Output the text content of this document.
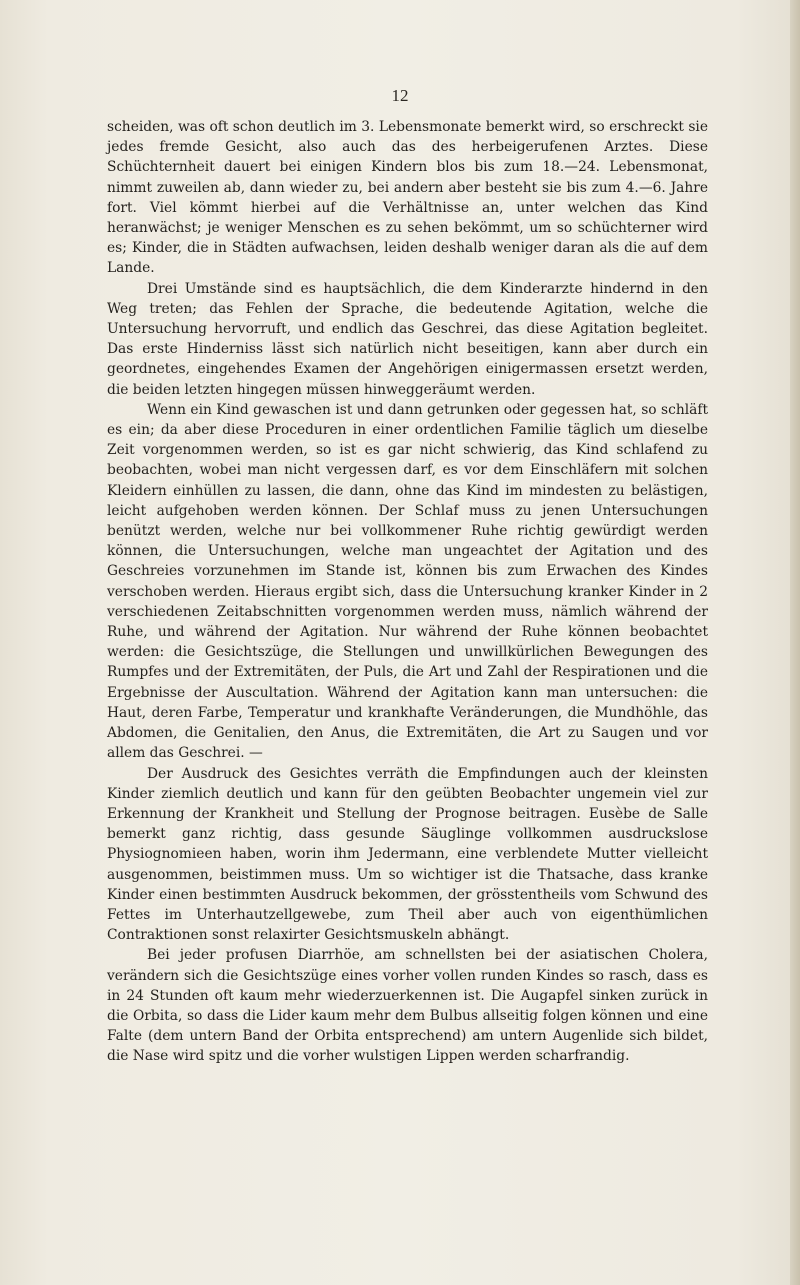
12

scheiden, was oft schon deutlich im 3. Lebensmonate bemerkt wird, so erschreckt sie jedes fremde Gesicht, also auch das des herbeigerufenen Arztes. Diese Schüchternheit dauert bei einigen Kindern blos bis zum 18.—24. Lebensmonat, nimmt zuweilen ab, dann wieder zu, bei andern aber besteht sie bis zum 4.—6. Jahre fort. Viel kömmt hierbei auf die Verhältnisse an, unter welchen das Kind heranwächst; je weniger Menschen es zu sehen bekömmt, um so schüchterner wird es; Kinder, die in Städten aufwachsen, leiden deshalb weniger daran als die auf dem Lande.

Drei Umstände sind es hauptsächlich, die dem Kinderarzte hindernd in den Weg treten; das Fehlen der Sprache, die bedeutende Agitation, welche die Untersuchung hervorruft, und endlich das Geschrei, das diese Agitation begleitet. Das erste Hinderniss lässt sich natürlich nicht beseitigen, kann aber durch ein geordnetes, eingehendes Examen der Angehörigen einigermassen ersetzt werden, die beiden letzten hingegen müssen hinweggeräumt werden.

Wenn ein Kind gewaschen ist und dann getrunken oder gegessen hat, so schläft es ein; da aber diese Proceduren in einer ordentlichen Familie täglich um dieselbe Zeit vorgenommen werden, so ist es gar nicht schwierig, das Kind schlafend zu beobachten, wobei man nicht vergessen darf, es vor dem Einschläfern mit solchen Kleidern einhüllen zu lassen, die dann, ohne das Kind im mindesten zu belästigen, leicht aufgehoben werden können. Der Schlaf muss zu jenen Untersuchungen benützt werden, welche nur bei vollkommener Ruhe richtig gewürdigt werden können, die Untersuchungen, welche man ungeachtet der Agitation und des Geschreies vorzunehmen im Stande ist, können bis zum Erwachen des Kindes verschoben werden. Hieraus ergibt sich, dass die Untersuchung kranker Kinder in 2 verschiedenen Zeitabschnitten vorgenommen werden muss, nämlich während der Ruhe, und während der Agitation. Nur während der Ruhe können beobachtet werden: die Gesichtszüge, die Stellungen und unwillkürlichen Bewegungen des Rumpfes und der Extremitäten, der Puls, die Art und Zahl der Respirationen und die Ergebnisse der Auscultation. Während der Agitation kann man untersuchen: die Haut, deren Farbe, Temperatur und krankhafte Veränderungen, die Mundhöhle, das Abdomen, die Genitalien, den Anus, die Extremitäten, die Art zu Saugen und vor allem das Geschrei. —

Der Ausdruck des Gesichtes verräth die Empfindungen auch der kleinsten Kinder ziemlich deutlich und kann für den geübten Beobachter ungemein viel zur Erkennung der Krankheit und Stellung der Prognose beitragen. Eusèbe de Salle bemerkt ganz richtig, dass gesunde Säuglinge vollkommen ausdruckslose Physiognomieen haben, worin ihm Jedermann, eine verblendete Mutter vielleicht ausgenommen, beistimmen muss. Um so wichtiger ist die Thatsache, dass kranke Kinder einen bestimmten Ausdruck bekommen, der grösstentheils vom Schwund des Fettes im Unterhautzellgewebe, zum Theil aber auch von eigenthümlichen Contraktionen sonst relaxirter Gesichtsmuskeln abhängt.

Bei jeder profusen Diarrhöe, am schnellsten bei der asiatischen Cholera, verändern sich die Gesichtszüge eines vorher vollen runden Kindes so rasch, dass es in 24 Stunden oft kaum mehr wiederzuerkennen ist. Die Augapfel sinken zurück in die Orbita, so dass die Lider kaum mehr dem Bulbus allseitig folgen können und eine Falte (dem untern Band der Orbita entsprechend) am untern Augenlide sich bildet, die Nase wird spitz und die vorher wulstigen Lippen werden scharfrandig.
